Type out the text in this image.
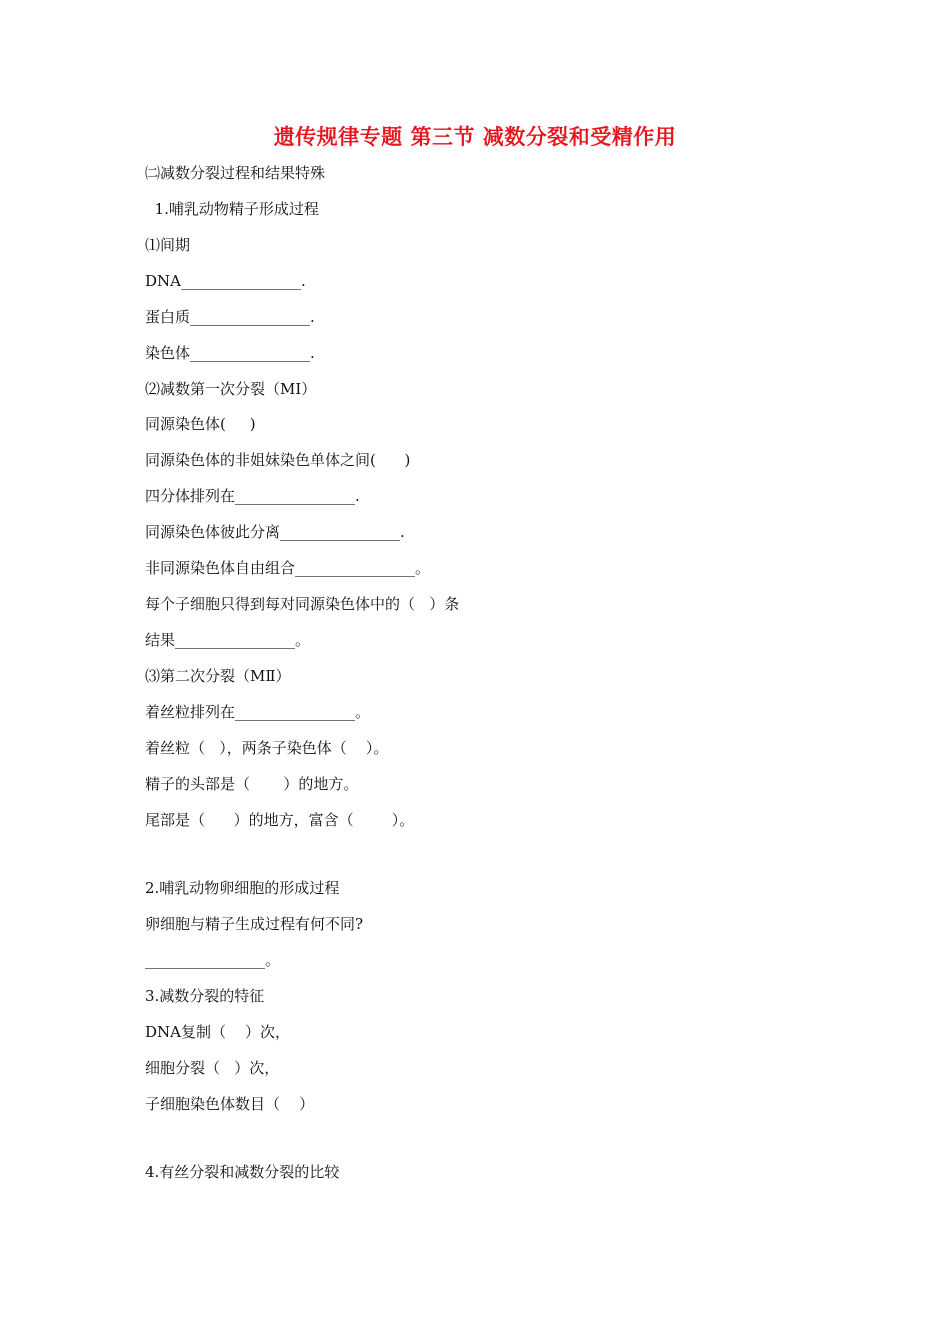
遗传规律专题 第三节 减数分裂和受精作用
㈡减数分裂过程和结果特殊
1.哺乳动物精子形成过程
⑴间期
DNA________________.
蛋白质________________.
染色体________________.
⑵减数第一次分裂（MⅠ）
同源染色体(     )
同源染色体的非姐妹染色单体之间(      )
四分体排列在________________.
同源染色体彼此分离________________.
非同源染色体自由组合________________。
每个子细胞只得到每对同源染色体中的（   ）条
结果________________。
⑶第二次分裂（MⅡ）
着丝粒排列在________________。
着丝粒（   ），两条子染色体（    ）。
精子的头部是（       ）的地方。
尾部是（      ）的地方，富含（        ）。
2.哺乳动物卵细胞的形成过程
卵细胞与精子生成过程有何不同?
________________。
3.减数分裂的特征
DNA复制（    ）次，
细胞分裂（   ）次，
子细胞染色体数目（    ）
4.有丝分裂和减数分裂的比较
